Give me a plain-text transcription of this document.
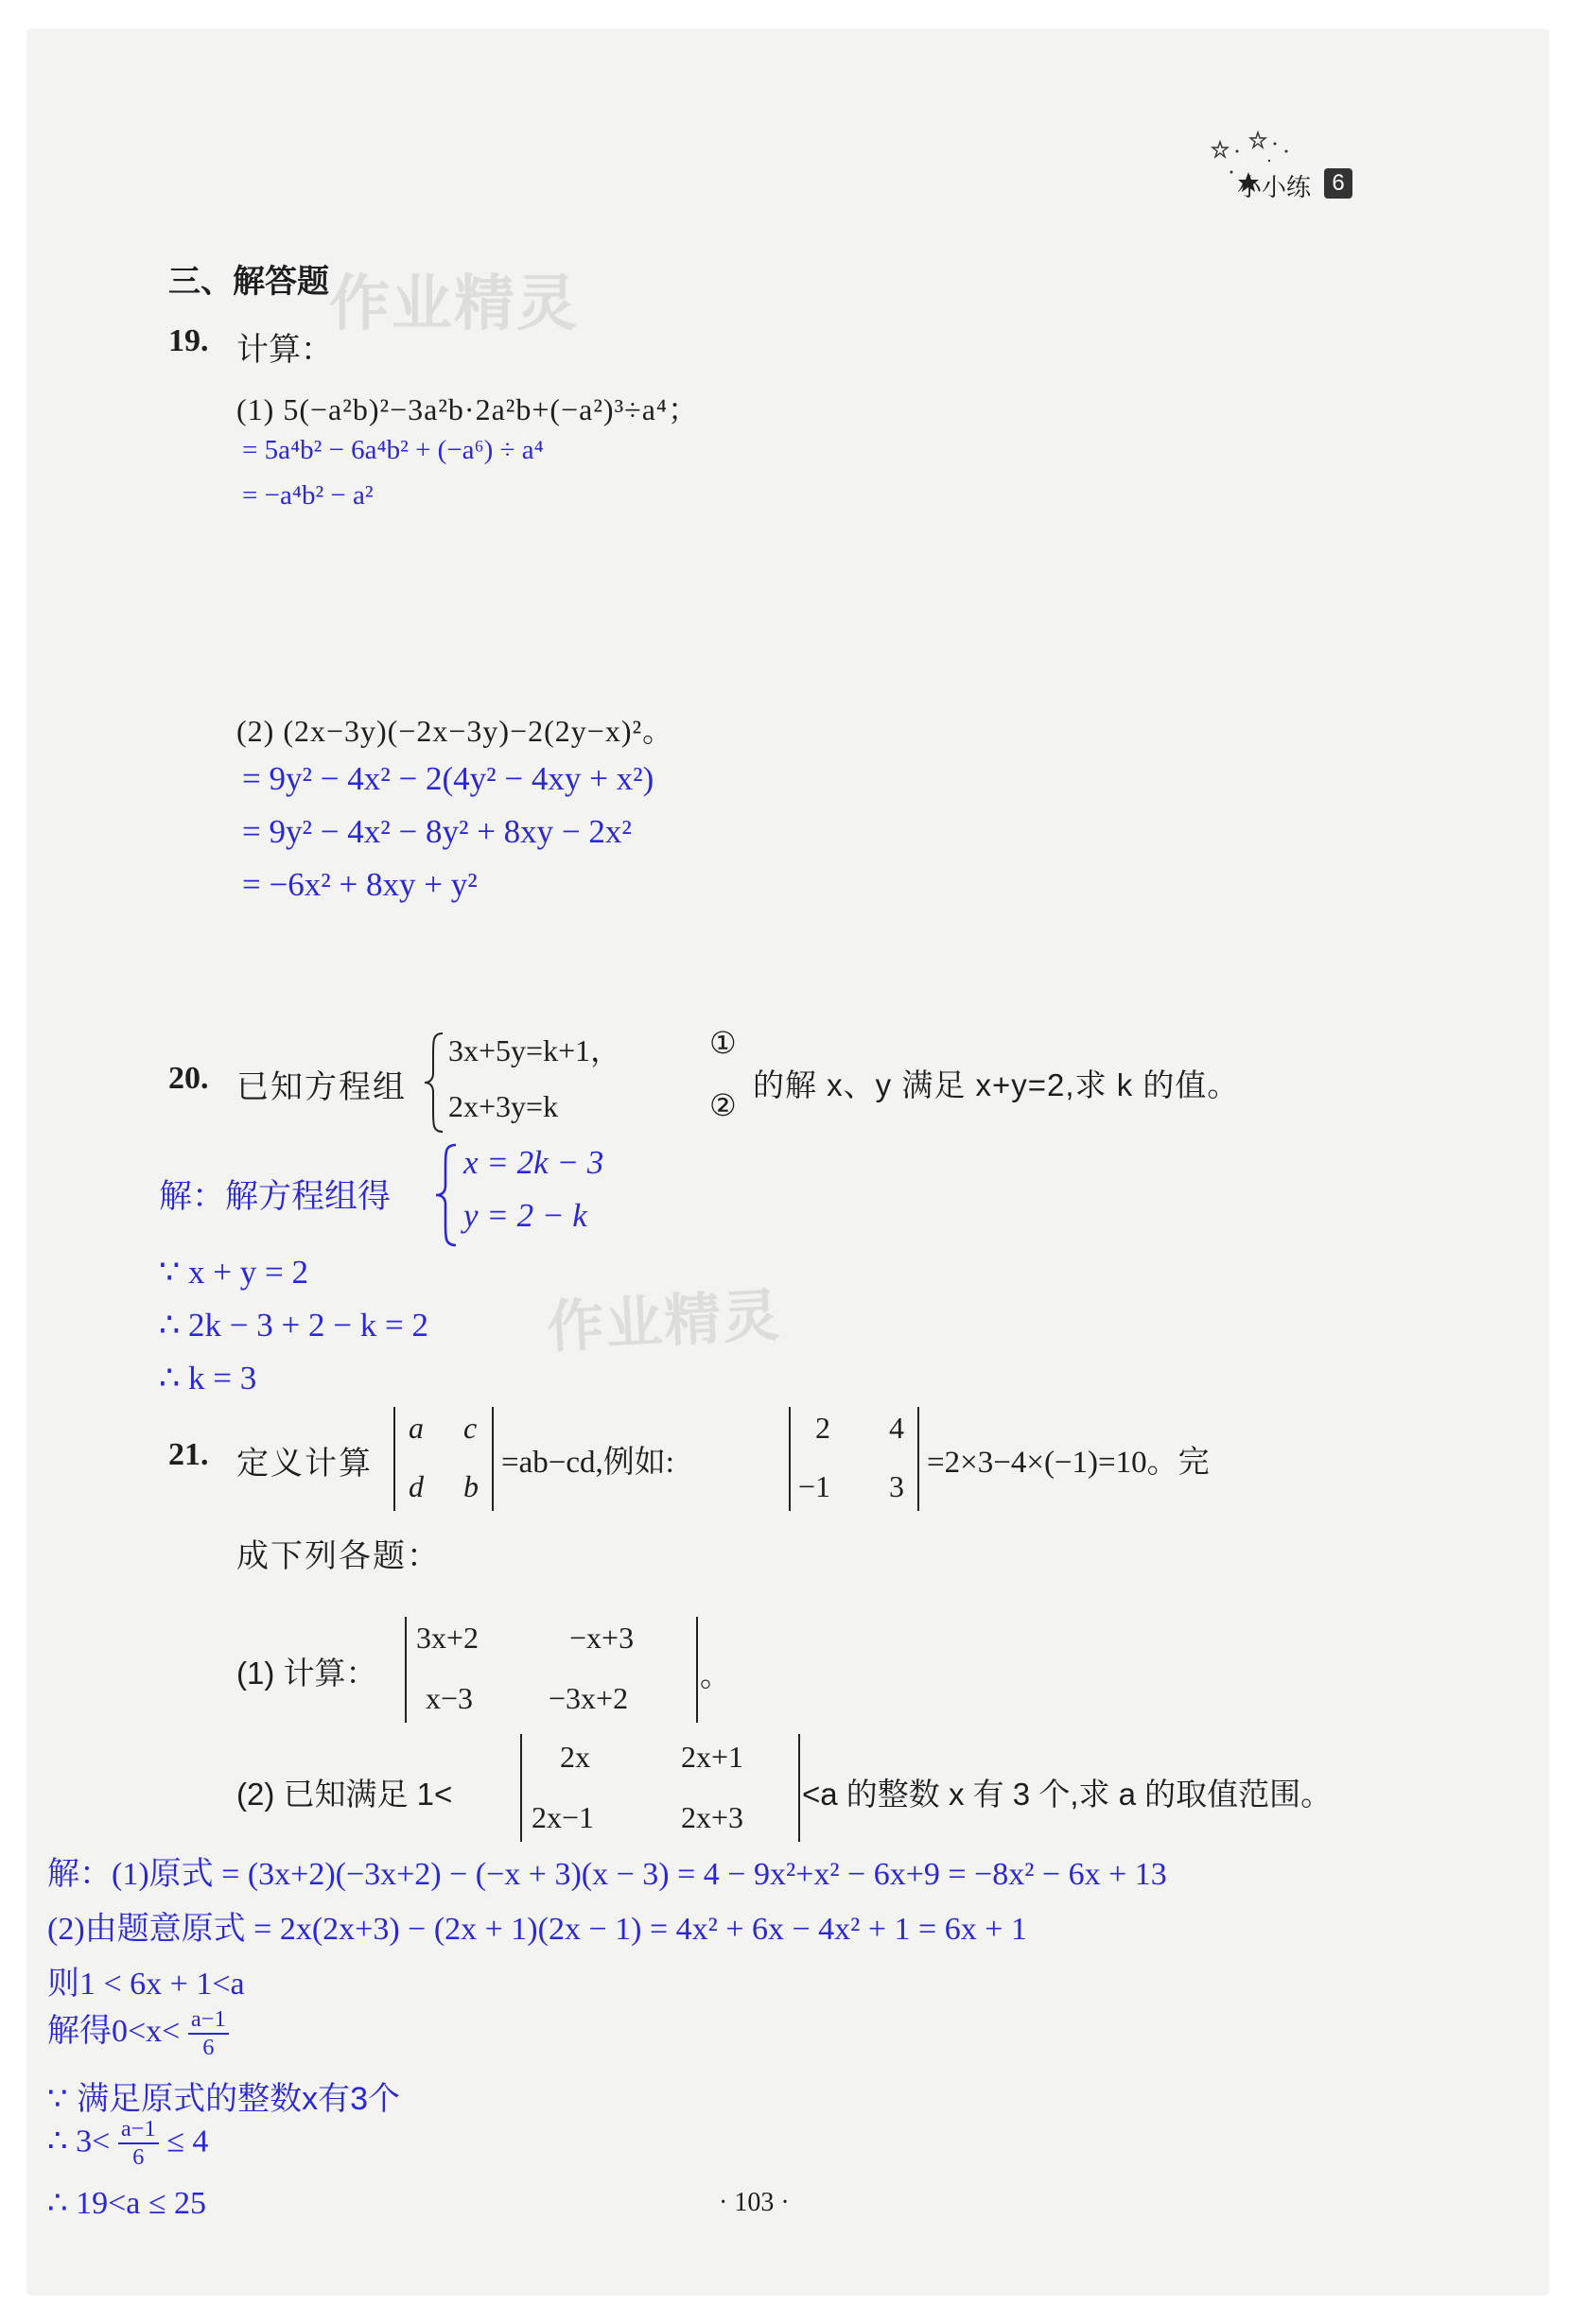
小小练 6
作业精灵
作业精灵
三、解答题
19. 计算：
(1) 5(−a²b)²−3a²b·2a²b+(−a²)³÷a⁴；
= 5a⁴b² − 6a⁴b² + (−a⁶) ÷ a⁴
= −a⁴b² − a²
(2) (2x−3y)(−2x−3y)−2(2y−x)²。
= 9y² − 4x² − 2(4y² − 4xy + x²)
= 9y² − 4x² − 8y² + 8xy − 2x²
= −6x² + 8xy + y²
20. 已知方程组
3x+5y=k+1，	①
2x+3y=k	②
的解 x、y 满足 x+y=2,求 k 的值。
解：解方程组得
x = 2k − 3
y = 2 − k
∵ x + y = 2
∴ 2k − 3 + 2 − k = 2
∴ k = 3
21. 定义计算
a c
d b
=ab−cd,例如:
2 4
−1 3
=2×3−4×(−1)=10。完
成下列各题：
(1) 计算：
3x+2	−x+3
x−3 −3x+2
。
(2) 已知满足 1<
2x	2x+1
2x−1	2x+3
<a 的整数 x 有 3 个,求 a 的取值范围。
解：(1)原式 = (3x+2)(−3x+2) − (−x + 3)(x − 3) = 4 − 9x²+x² − 6x+9 = −8x² − 6x + 13
(2)由题意原式 = 2x(2x+3) − (2x + 1)(2x − 1) = 4x² + 6x − 4x² + 1 = 6x + 1
则1 < 6x + 1<a
解得$0<x< \frac{a-1}{6}$
∵ 满足原式的整数x有3个
∴ $3< \frac{a-1}{6} \le 4$
∴ 19<a ≤ 25	· 103 ·
